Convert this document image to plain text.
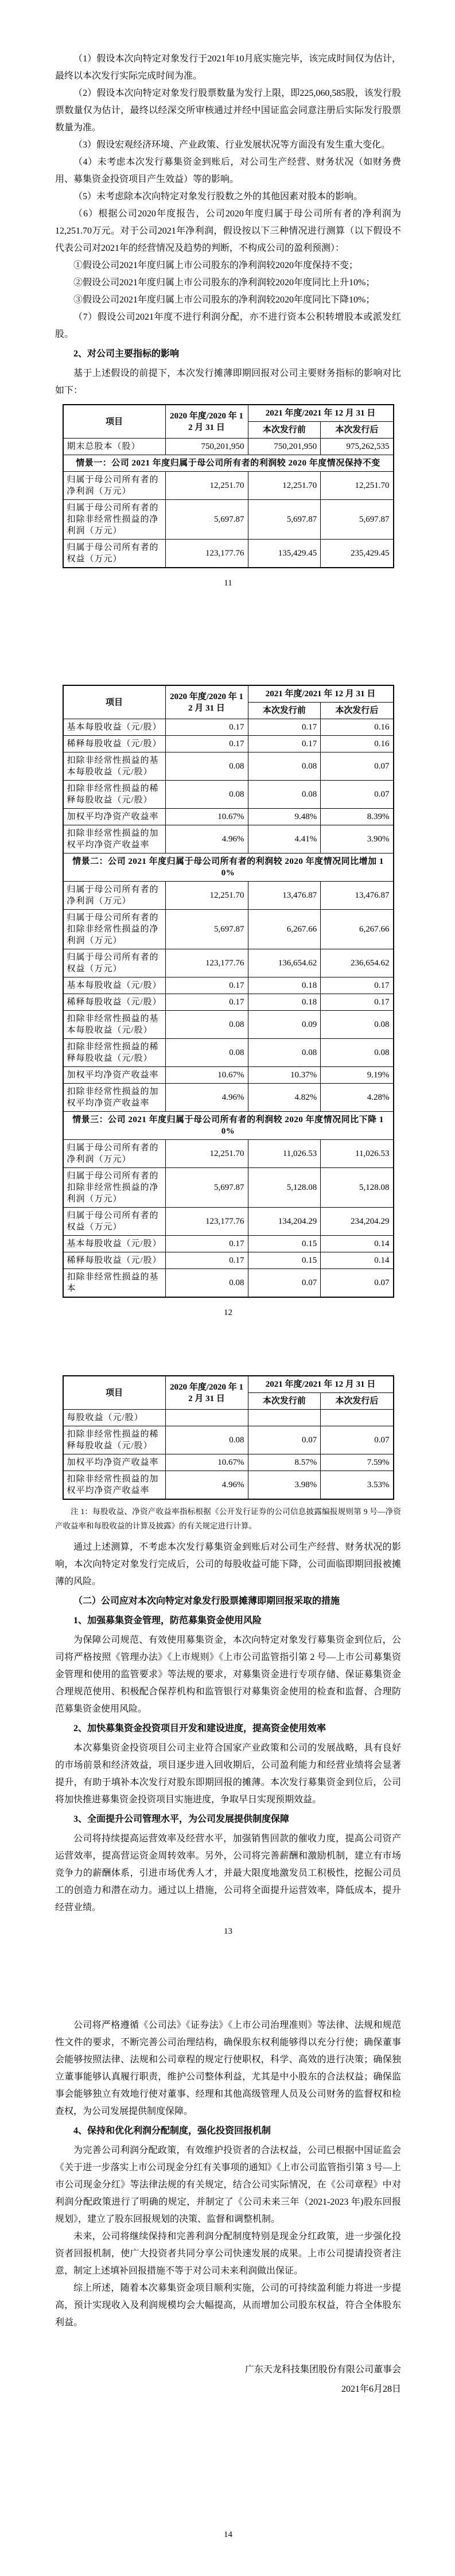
（1）假设本次向特定对象发行于2021年10月底实施完毕，该完成时间仅为估计，最终以本次发行实际完成时间为准。

（2）假设本次向特定对象发行股票数量为发行上限，即225,060,585股，该发行股票数量仅为估计，最终以经深交所审核通过并经中国证监会同意注册后实际发行股票数量为准。

（3）假设宏观经济环境、产业政策、行业发展状况等方面没有发生重大变化。

（4）未考虑本次发行募集资金到账后，对公司生产经营、财务状况（如财务费用、募集资金投资项目产生效益）等的影响。

（5）未考虑除本次向特定对象发行股数之外的其他因素对股本的影响。

（6）根据公司2020年度报告，公司2020年度归属于母公司所有者的净利润为12,251.70万元。对于公司2021年净利润，假设按以下三种情况进行测算（以下假设不代表公司对2021年的经营情况及趋势的判断，不构成公司的盈利预测）：

①假设公司2021年度归属上市公司股东的净利润较2020年度保持不变；

②假设公司2021年度归属上市公司股东的净利润较2020年度同比上升10%；

③假设公司2021年度归属上市公司股东的净利润较2020年度同比下降10%；

（7）假设公司2021年度不进行利润分配，亦不进行资本公积转增股本或派发红股。

2、对公司主要指标的影响

基于上述假设的前提下，本次发行摊薄即期回报对公司主要财务指标的影响对比如下：

项目	2020 年度/2020 年 12 月 31 日	2021 年度/2021 年 12 月 31 日	
		本次发行前	本次发行后
期末总股本（股）	750,201,950	750,201,950	975,262,535
情景一：公司 2021 年度归属于母公司所有者的利润较 2020 年度情况保持不变			
归属于母公司所有者的净利润（万元）	12,251.70	12,251.70	12,251.70
归属于母公司所有者的扣除非经常性损益的净利润（万元）	5,697.87	5,697.87	5,697.87
归属于母公司所有者的权益（万元）	123,177.76	135,429.45	235,429.45
11
项目	2020 年度/2020 年 12 月 31 日	2021 年度/2021 年 12 月 31 日	
		本次发行前	本次发行后
基本每股收益（元/股）	0.17	0.17	0.16
稀释每股收益（元/股）	0.17	0.17	0.16
扣除非经常性损益的基本每股收益（元/股）	0.08	0.08	0.07
扣除非经常性损益的稀释每股收益（元/股）	0.08	0.08	0.07
加权平均净资产收益率	10.67%	9.48%	8.39%
扣除非经常性损益的加权平均净资产收益率	4.96%	4.41%	3.90%
情景二：公司 2021 年度归属于母公司所有者的利润较 2020 年度情况同比增加 10%			
归属于母公司所有者的净利润（万元）	12,251.70	13,476.87	13,476.87
归属于母公司所有者的扣除非经常性损益的净利润（万元）	5,697.87	6,267.66	6,267.66
归属于母公司所有者的权益（万元）	123,177.76	136,654.62	236,654.62
基本每股收益（元/股）	0.17	0.18	0.17
稀释每股收益（元/股）	0.17	0.18	0.17
扣除非经常性损益的基本每股收益（元/股）	0.08	0.09	0.08
扣除非经常性损益的稀释每股收益（元/股）	0.08	0.08	0.08
加权平均净资产收益率	10.67%	10.37%	9.19%
扣除非经常性损益的加权平均净资产收益率	4.96%	4.82%	4.28%
情景三：公司 2021 年度归属于母公司所有者的利润较 2020 年度情况同比下降 10%			
归属于母公司所有者的净利润（万元）	12,251.70	11,026.53	11,026.53
归属于母公司所有者的扣除非经常性损益的净利润（万元）	5,697.87	5,128.08	5,128.08
归属于母公司所有者的权益（万元）	123,177.76	134,204.29	234,204.29
基本每股收益（元/股）	0.17	0.15	0.14
稀释每股收益（元/股）	0.17	0.15	0.14
扣除非经常性损益的基本	0.08	0.07	0.07
12
项目	2020 年度/2020 年 12 月 31 日	2021 年度/2021 年 12 月 31 日	
		本次发行前	本次发行后
每股收益（元/股）			
扣除非经常性损益的稀释每股收益（元/股）	0.08	0.07	0.07
加权平均净资产收益率	10.67%	8.57%	7.59%
扣除非经常性损益的加权平均净资产收益率	4.96%	3.98%	3.53%

注 1：每股收益、净资产收益率指标根据《公开发行证券的公司信息披露编报规则第 9 号—净资产收益率和每股收益的计算及披露》的有关规定进行计算。

通过上述测算，不考虑本次发行募集资金到账后对公司生产经营、财务状况的影响，本次向特定对象发行完成后，公司的每股收益可能下降，公司面临即期回报被摊薄的风险。

（二）公司应对本次向特定对象发行股票摊薄即期回报采取的措施

1、加强募集资金管理，防范募集资金使用风险

为保障公司规范、有效使用募集资金，本次向特定对象发行募集资金到位后，公司将严格按照《管理办法》《上市规则》《上市公司监管指引第 2 号—上市公司募集资金管理和使用的监管要求》等法规的要求，对募集资金进行专项存储、保证募集资金合理规范使用、积极配合保荐机构和监管银行对募集资金使用的检查和监督、合理防范募集资金使用风险。

2、加快募集资金投资项目开发和建设进度，提高资金使用效率

本次募集资金投资项目公司主业符合国家产业政策和公司的发展战略，具有良好的市场前景和经济效益，项目逐步进入回收期后，公司盈利能力和经营业绩将会显著提升，有助于填补本次发行对股东即期回报的摊薄。本次发行募集资金到位后，公司将加快推进募集资金投资项目实施进度，争取早日实现预期效益。

3、全面提升公司管理水平，为公司发展提供制度保障

公司将持续提高运营效率及经营水平，加强销售回款的催收力度，提高公司资产运营效率，提高营运资金周转效率。另外，公司将完善薪酬和激励机制，建立有市场竞争力的薪酬体系，引进市场优秀人才，并最大限度地激发员工积极性，挖掘公司员工的创造力和潜在动力。通过以上措施，公司将全面提升运营效率，降低成本，提升经营业绩。

13

公司将严格遵循《公司法》《证券法》《上市公司治理准则》等法律、法规和规范性文件的要求，不断完善公司治理结构，确保股东权利能够得以充分行使；确保董事会能够按照法律、法规和公司章程的规定行使职权，科学、高效的进行决策；确保独立董事能够认真履行职责，维护公司整体利益，尤其是中小股东的合法权益；确保监事会能够独立有效地行使对董事、经理和其他高级管理人员及公司财务的监督权和检查权，为公司发展提供制度保障。

4、保持和优化利润分配制度，强化投资回报机制

为完善公司利润分配政策，有效维护投资者的合法权益，公司已根据中国证监会《关于进一步落实上市公司现金分红有关事项的通知》《上市公司监管指引第 3 号—上市公司现金分红》等法律法规的有关规定，结合公司实际情况，在《公司章程》中对利润分配政策进行了明确的规定，并制定了《公司未来三年（2021-2023 年)股东回报规划》，建立了股东回报规划的决策、监督和调整机制。

未来，公司将继续保持和完善利润分配制度特别是现金分红政策，进一步强化投资者回报机制，使广大投资者共同分享公司快速发展的成果。上市公司提请投资者注意，制定上述填补回报措施不等于对公司未来利润做出保证。

综上所述，随着本次募集资金项目顺利实施，公司的可持续盈利能力将进一步提高，预计实现收入及利润规模均会大幅提高，从而增加公司股东权益，符合全体股东利益。

广东天龙科技集团股份有限公司董事会

2021年6月28日

14
